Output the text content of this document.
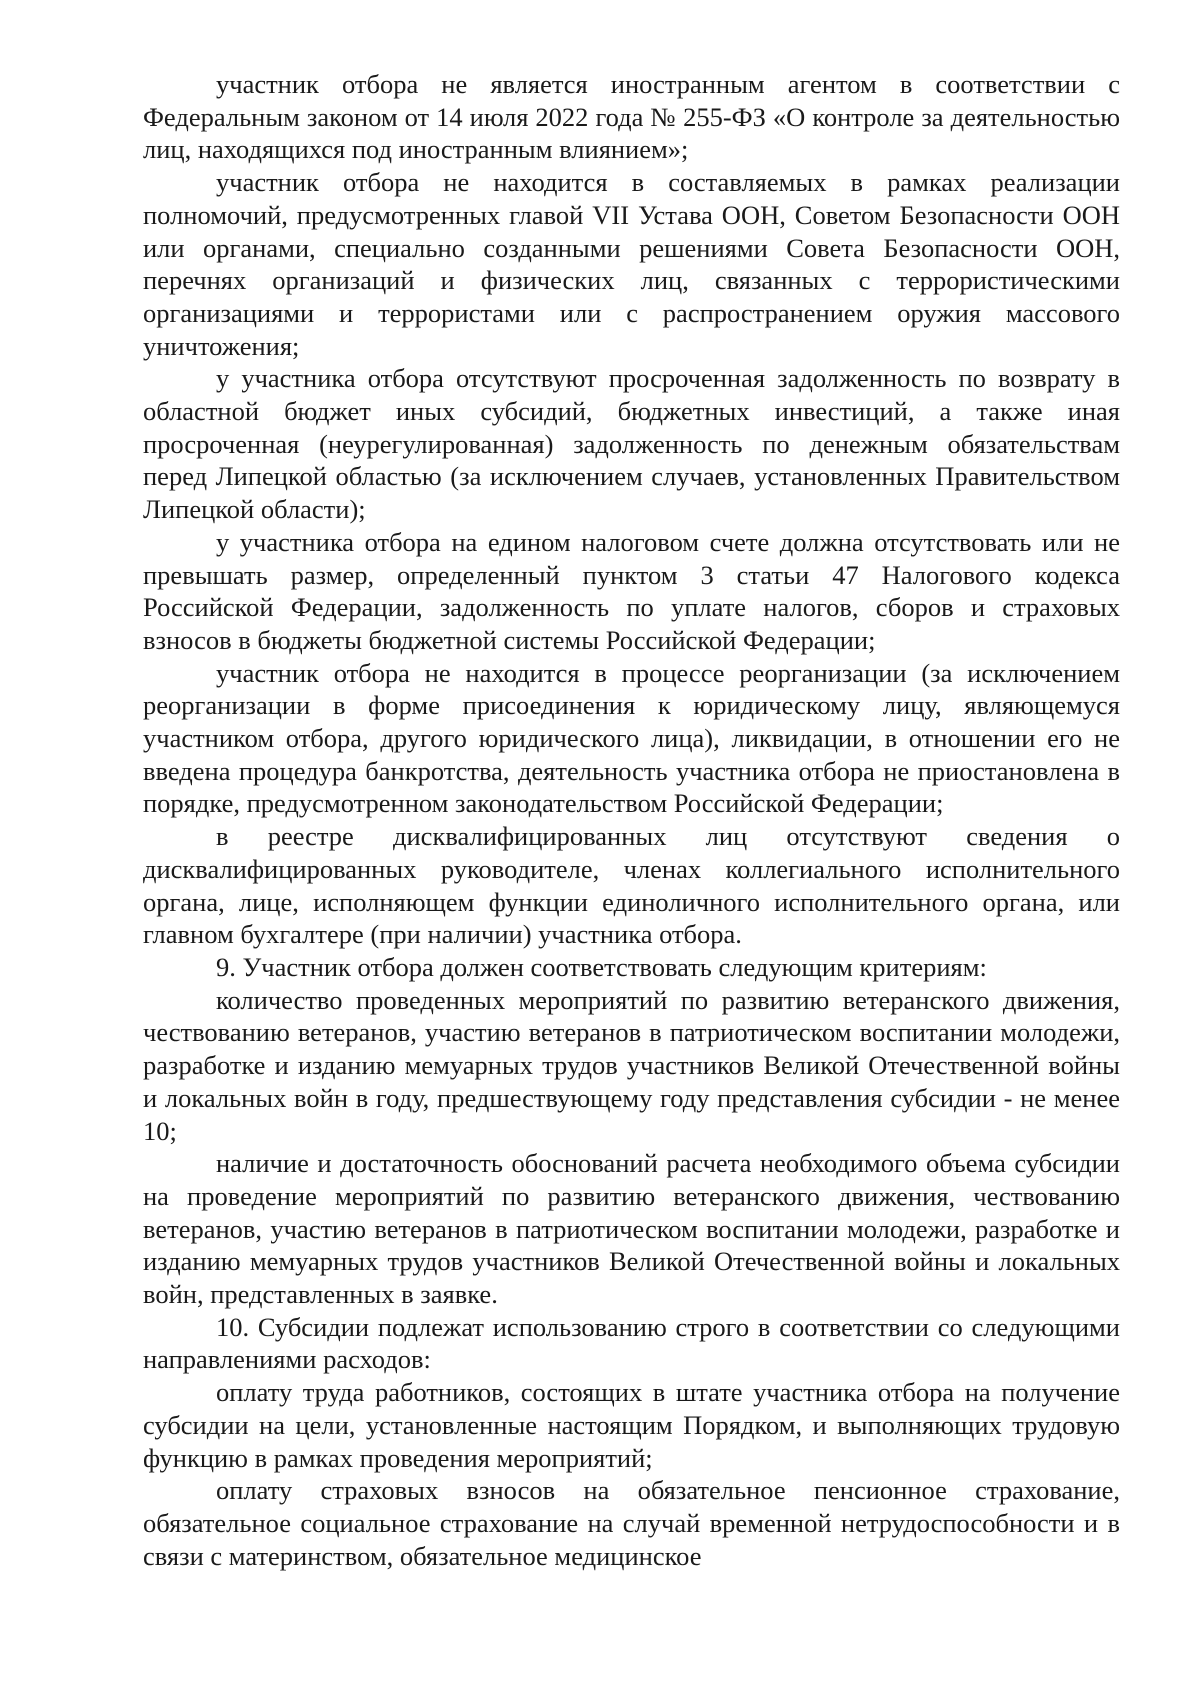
участник отбора не является иностранным агентом в соответствии с Федеральным законом от 14 июля 2022 года № 255-ФЗ «О контроле за деятельностью лиц, находящихся под иностранным влиянием»;

участник отбора не находится в составляемых в рамках реализации полномочий, предусмотренных главой VII Устава ООН, Советом Безопасности ООН или органами, специально созданными решениями Совета Безопасности ООН, перечнях организаций и физических лиц, связанных с террористическими организациями и террористами или с распространением оружия массового уничтожения;

у участника отбора отсутствуют просроченная задолженность по возврату в областной бюджет иных субсидий, бюджетных инвестиций, а также иная просроченная (неурегулированная) задолженность по денежным обязательствам перед Липецкой областью (за исключением случаев, установленных Правительством Липецкой области);

у участника отбора на едином налоговом счете должна отсутствовать или не превышать размер, определенный пунктом 3 статьи 47 Налогового кодекса Российской Федерации, задолженность по уплате налогов, сборов и страховых взносов в бюджеты бюджетной системы Российской Федерации;

участник отбора не находится в процессе реорганизации (за исключением реорганизации в форме присоединения к юридическому лицу, являющемуся участником отбора, другого юридического лица), ликвидации, в отношении его не введена процедура банкротства, деятельность участника отбора не приостановлена в порядке, предусмотренном законодательством Российской Федерации;

в реестре дисквалифицированных лиц отсутствуют сведения о дисквалифицированных руководителе, членах коллегиального исполнительного органа, лице, исполняющем функции единоличного исполнительного органа, или главном бухгалтере (при наличии) участника отбора.

9. Участник отбора должен соответствовать следующим критериям:

количество проведенных мероприятий по развитию ветеранского движения, чествованию ветеранов, участию ветеранов в патриотическом воспитании молодежи, разработке и изданию мемуарных трудов участников Великой Отечественной войны и локальных войн в году, предшествующему году представления субсидии - не менее 10;

наличие и достаточность обоснований расчета необходимого объема субсидии на проведение мероприятий по развитию ветеранского движения, чествованию ветеранов, участию ветеранов в патриотическом воспитании молодежи, разработке и изданию мемуарных трудов участников Великой Отечественной войны и локальных войн, представленных в заявке.

10. Субсидии подлежат использованию строго в соответствии со следующими направлениями расходов:

оплату труда работников, состоящих в штате участника отбора на получение субсидии на цели, установленные настоящим Порядком, и выполняющих трудовую функцию в рамках проведения мероприятий;

оплату страховых взносов на обязательное пенсионное страхование, обязательное социальное страхование на случай временной нетрудоспособности и в связи с материнством, обязательное медицинское
